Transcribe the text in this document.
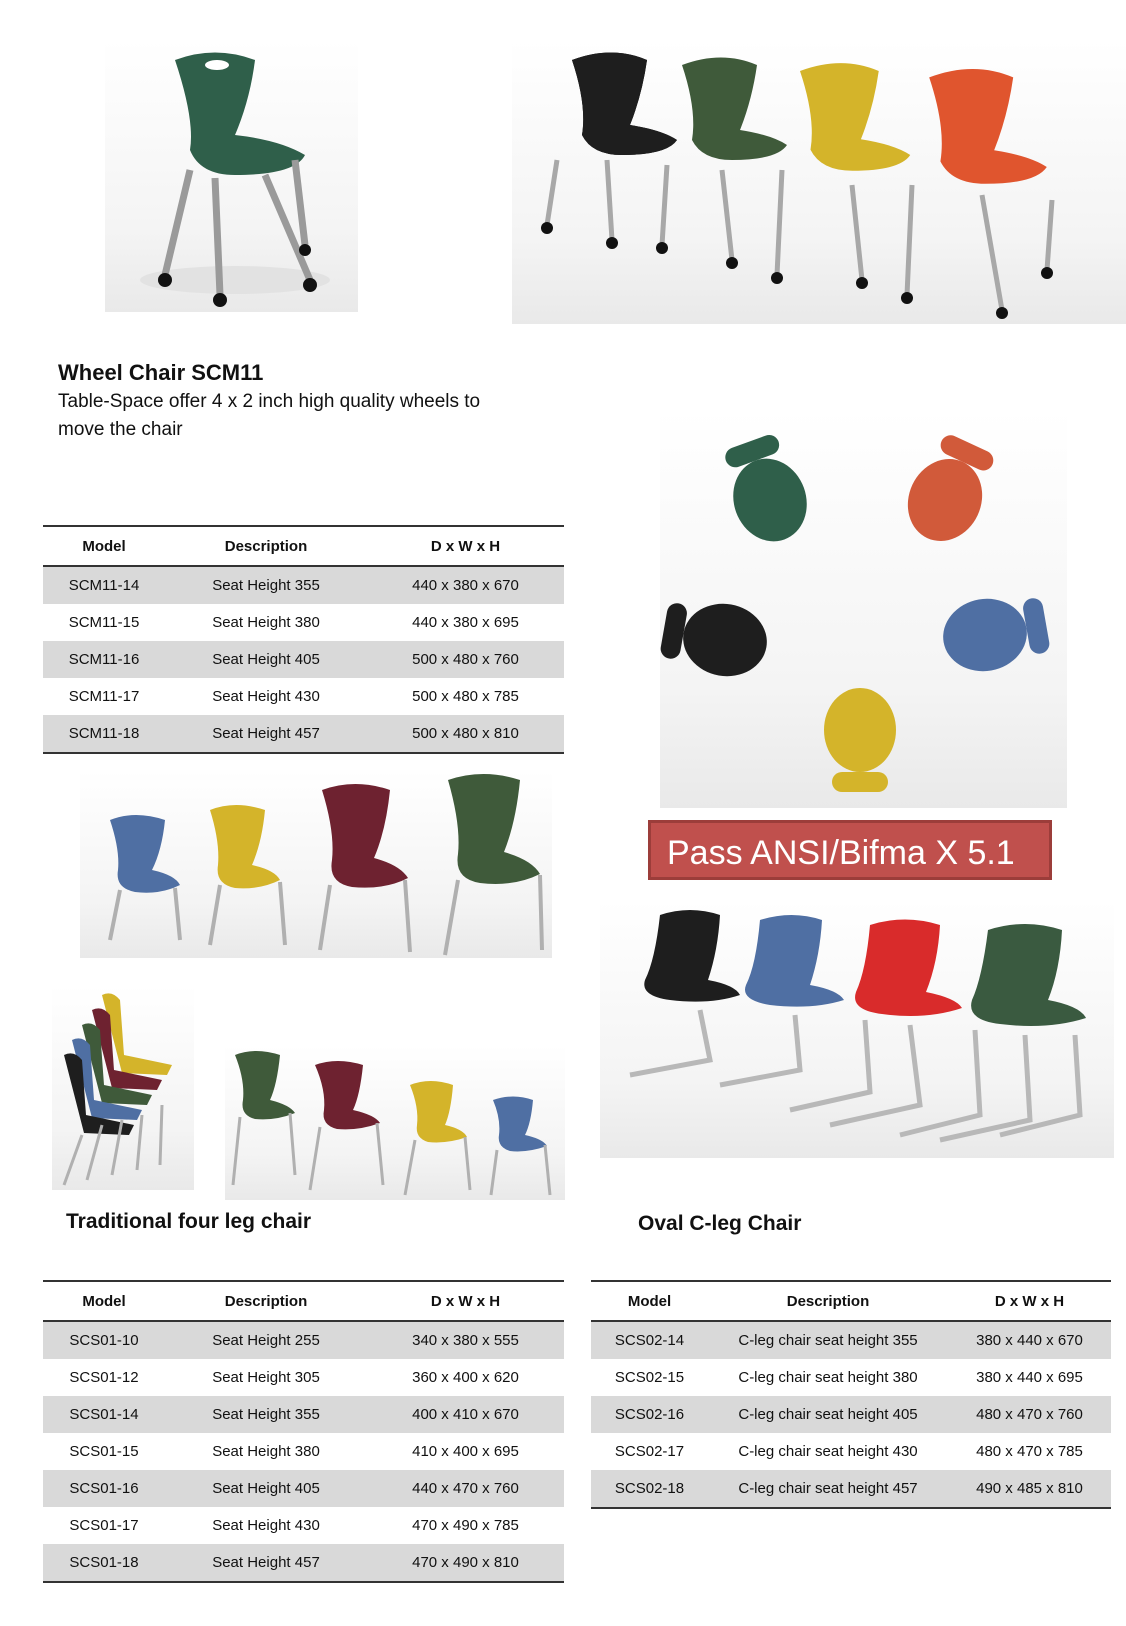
Wheel Chair SCM11
Table-Space offer 4 x 2 inch high quality wheels to move the chair
Model	Description	D x W x H
SCM11-14	Seat Height 355	440 x 380 x 670
SCM11-15	Seat Height 380	440 x 380 x 695
SCM11-16	Seat Height 405	500 x 480 x 760
SCM11-17	Seat Height 430	500 x 480 x 785
SCM11-18	Seat Height 457	500 x 480 x 810
Pass ANSI/Bifma X 5.1
Traditional four leg chair
Model	Description	D x W x H
SCS01-10	Seat Height 255	340 x 380 x 555
SCS01-12	Seat Height 305	360 x 400 x 620
SCS01-14	Seat Height 355	400 x 410 x 670
SCS01-15	Seat Height 380	410 x 400 x 695
SCS01-16	Seat Height 405	440 x 470 x 760
SCS01-17	Seat Height 430	470 x 490 x 785
SCS01-18	Seat Height 457	470 x 490 x 810
Oval C-leg Chair
Model	Description	D x W x H
SCS02-14	C-leg chair seat height 355	380 x 440 x 670
SCS02-15	C-leg chair seat height 380	380 x 440 x 695
SCS02-16	C-leg chair seat height 405	480 x 470 x 760
SCS02-17	C-leg chair seat height 430	480 x 470 x 785
SCS02-18	C-leg chair seat height 457	490 x 485 x 810
